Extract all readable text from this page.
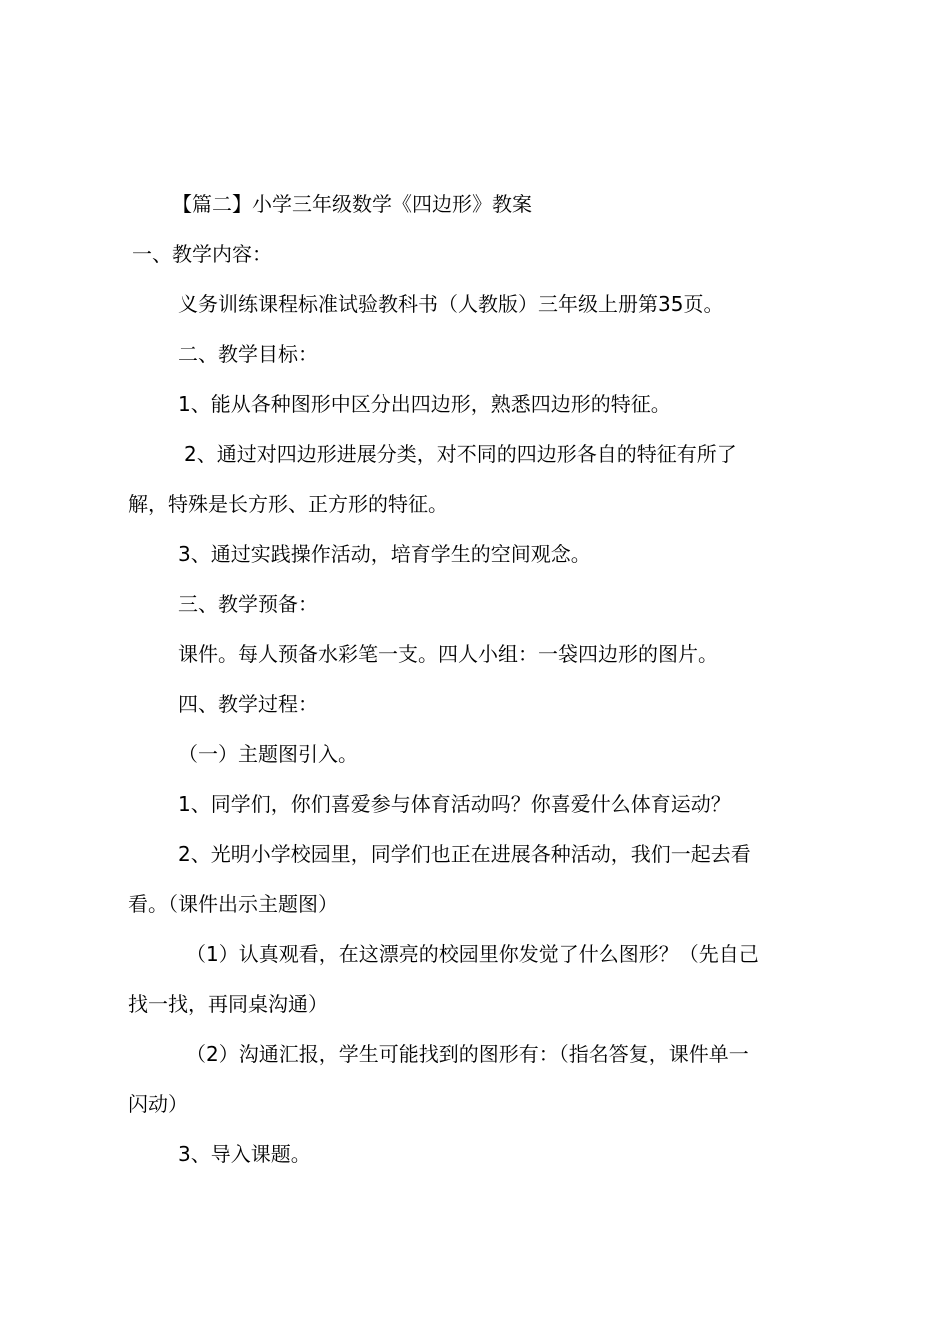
【篇二】小学三年级数学《四边形》教案
一、教学内容：
义务训练课程标准试验教科书（人教版）三年级上册第35页。
二、教学目标：
1、能从各种图形中区分出四边形，熟悉四边形的特征。
2、通过对四边形进展分类，对不同的四边形各自的特征有所了
解，特殊是长方形、正方形的特征。
3、通过实践操作活动，培育学生的空间观念。
三、教学预备：
课件。每人预备水彩笔一支。四人小组：一袋四边形的图片。
四、教学过程：
（一）主题图引入。
1、同学们，你们喜爱参与体育活动吗？你喜爱什么体育运动？
2、光明小学校园里，同学们也正在进展各种活动，我们一起去看
看。（课件出示主题图）
（1）认真观看，在这漂亮的校园里你发觉了什么图形？（先自己
找一找，再同桌沟通）
（2）沟通汇报，学生可能找到的图形有：（指名答复，课件单一
闪动）
3、导入课题。
